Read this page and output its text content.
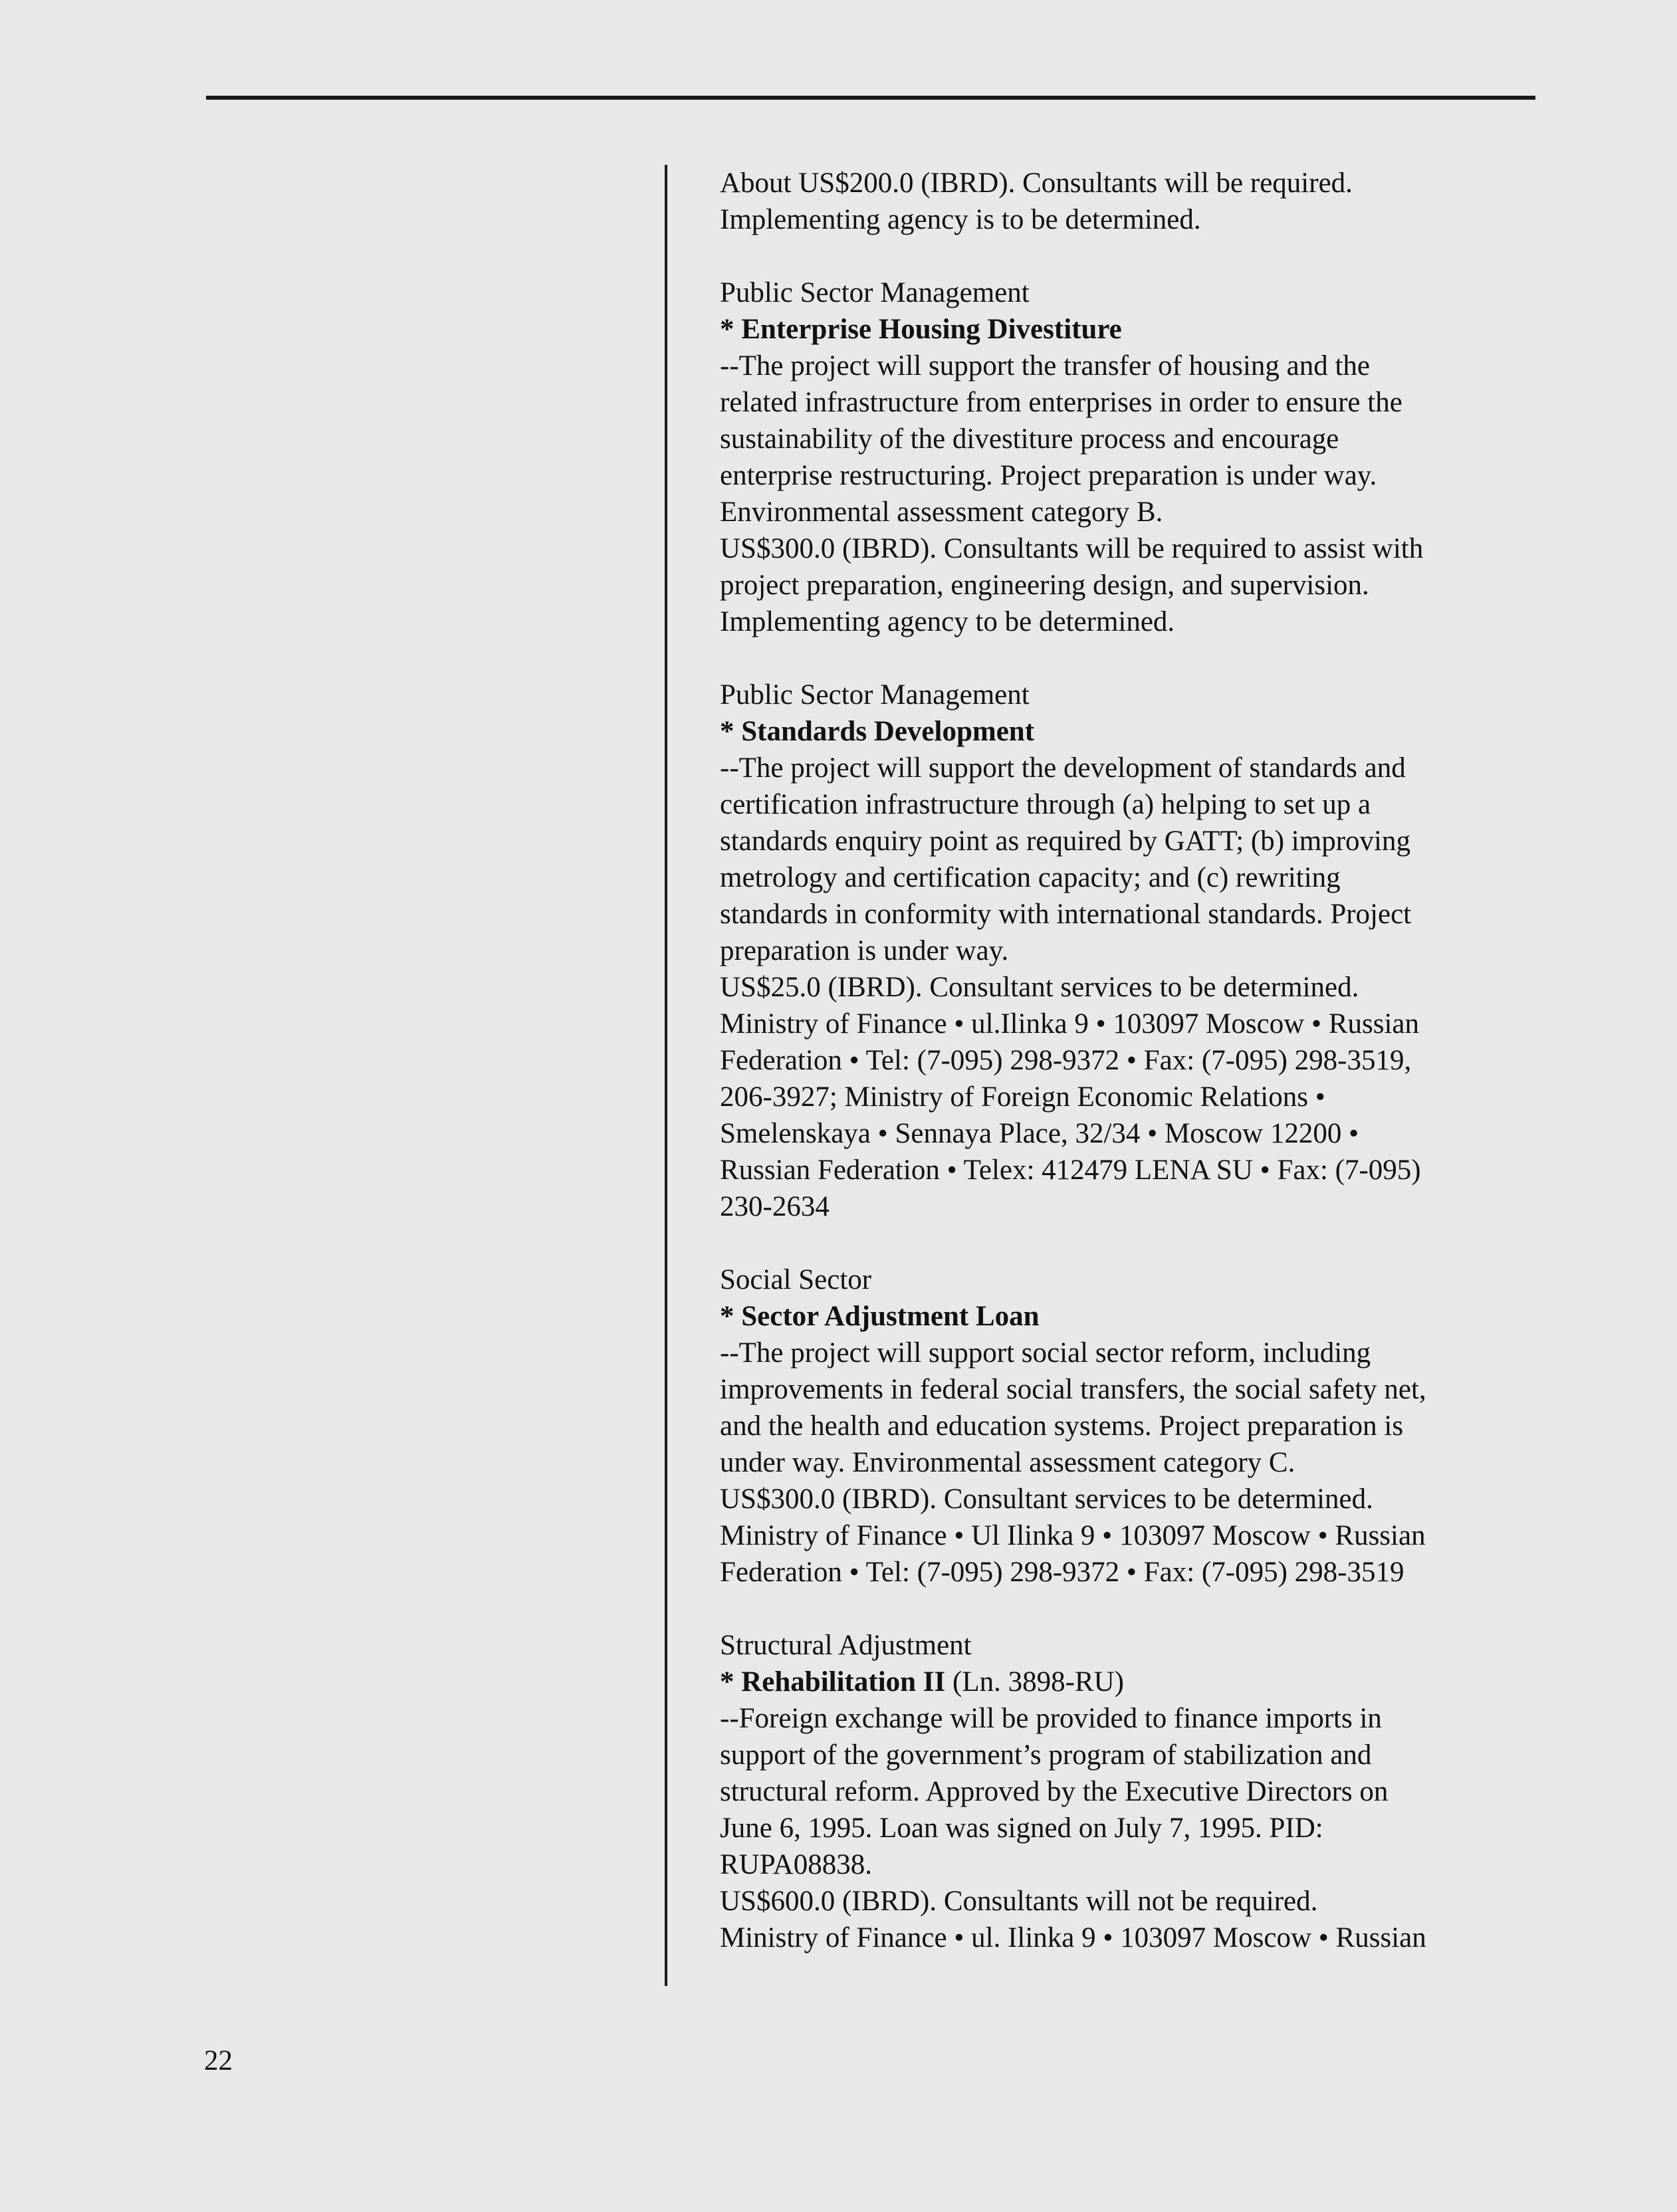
About US$200.0 (IBRD). Consultants will be required.

Implementing agency is to be determined.

Public Sector Management

* Enterprise Housing Divestiture

--The project will support the transfer of housing and the

related infrastructure from enterprises in order to ensure the

sustainability of the divestiture process and encourage

enterprise restructuring. Project preparation is under way.

Environmental assessment category B.

US$300.0 (IBRD). Consultants will be required to assist with

project preparation, engineering design, and supervision.

Implementing agency to be determined.

Public Sector Management

* Standards Development

--The project will support the development of standards and

certification infrastructure through (a) helping to set up a

standards enquiry point as required by GATT; (b) improving

metrology and certification capacity; and (c) rewriting

standards in conformity with international standards. Project

preparation is under way.

US$25.0 (IBRD). Consultant services to be determined.

Ministry of Finance • ul.Ilinka 9 • 103097 Moscow • Russian

Federation • Tel: (7-095) 298-9372 • Fax: (7-095) 298-3519,

206-3927; Ministry of Foreign Economic Relations •

Smelenskaya • Sennaya Place, 32/34 • Moscow 12200 •

Russian Federation • Telex: 412479 LENA SU • Fax: (7-095)

230-2634

Social Sector

* Sector Adjustment Loan

--The project will support social sector reform, including

improvements in federal social transfers, the social safety net,

and the health and education systems. Project preparation is

under way. Environmental assessment category C.

US$300.0 (IBRD). Consultant services to be determined.

Ministry of Finance • Ul Ilinka 9 • 103097 Moscow • Russian

Federation • Tel: (7-095) 298-9372 • Fax: (7-095) 298-3519

Structural Adjustment

* Rehabilitation II (Ln. 3898-RU)

--Foreign exchange will be provided to finance imports in

support of the government’s program of stabilization and

structural reform. Approved by the Executive Directors on

June 6, 1995. Loan was signed on July 7, 1995. PID:

RUPA08838.

US$600.0 (IBRD). Consultants will not be required.

Ministry of Finance • ul. Ilinka 9 • 103097 Moscow • Russian

22
